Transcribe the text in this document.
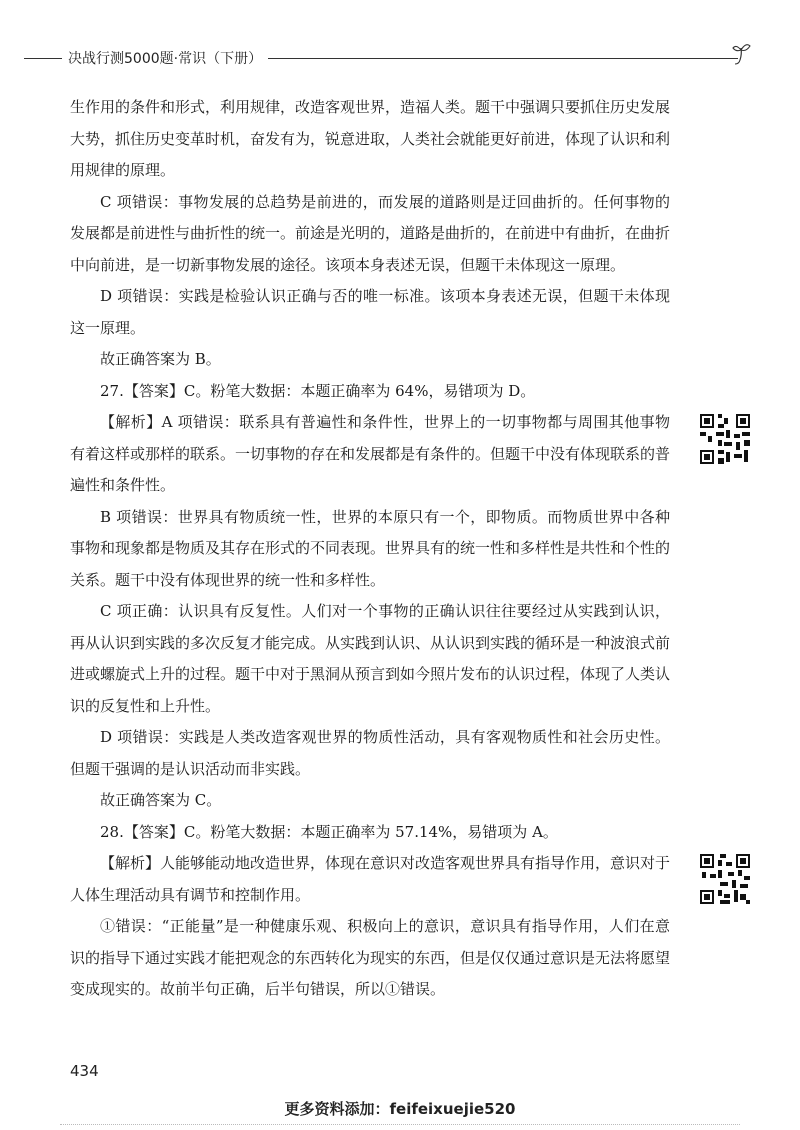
决战行测5000题·常识（下册）

生作用的条件和形式，利用规律，改造客观世界，造福人类。题干中强调只要抓住历史发展大势，抓住历史变革时机，奋发有为，锐意进取，人类社会就能更好前进，体现了认识和利用规律的原理。

C 项错误：事物发展的总趋势是前进的，而发展的道路则是迂回曲折的。任何事物的发展都是前进性与曲折性的统一。前途是光明的，道路是曲折的，在前进中有曲折，在曲折中向前进，是一切新事物发展的途径。该项本身表述无误，但题干未体现这一原理。

D 项错误：实践是检验认识正确与否的唯一标准。该项本身表述无误，但题干未体现这一原理。

故正确答案为 B。

27.【答案】C。粉笔大数据：本题正确率为 64%，易错项为 D。

【解析】A 项错误：联系具有普遍性和条件性，世界上的一切事物都与周围其他事物有着这样或那样的联系。一切事物的存在和发展都是有条件的。但题干中没有体现联系的普遍性和条件性。

B 项错误：世界具有物质统一性，世界的本原只有一个，即物质。而物质世界中各种事物和现象都是物质及其存在形式的不同表现。世界具有的统一性和多样性是共性和个性的关系。题干中没有体现世界的统一性和多样性。

C 项正确：认识具有反复性。人们对一个事物的正确认识往往要经过从实践到认识，再从认识到实践的多次反复才能完成。从实践到认识、从认识到实践的循环是一种波浪式前进或螺旋式上升的过程。题干中对于黑洞从预言到如今照片发布的认识过程，体现了人类认识的反复性和上升性。

D 项错误：实践是人类改造客观世界的物质性活动，具有客观物质性和社会历史性。但题干强调的是认识活动而非实践。

故正确答案为 C。

28.【答案】C。粉笔大数据：本题正确率为 57.14%，易错项为 A。

【解析】人能够能动地改造世界，体现在意识对改造客观世界具有指导作用，意识对于人体生理活动具有调节和控制作用。

①错误：“正能量”是一种健康乐观、积极向上的意识，意识具有指导作用，人们在意识的指导下通过实践才能把观念的东西转化为现实的东西，但是仅仅通过意识是无法将愿望变成现实的。故前半句正确，后半句错误，所以①错误。

434
更多资料添加：feifeixuejie520
